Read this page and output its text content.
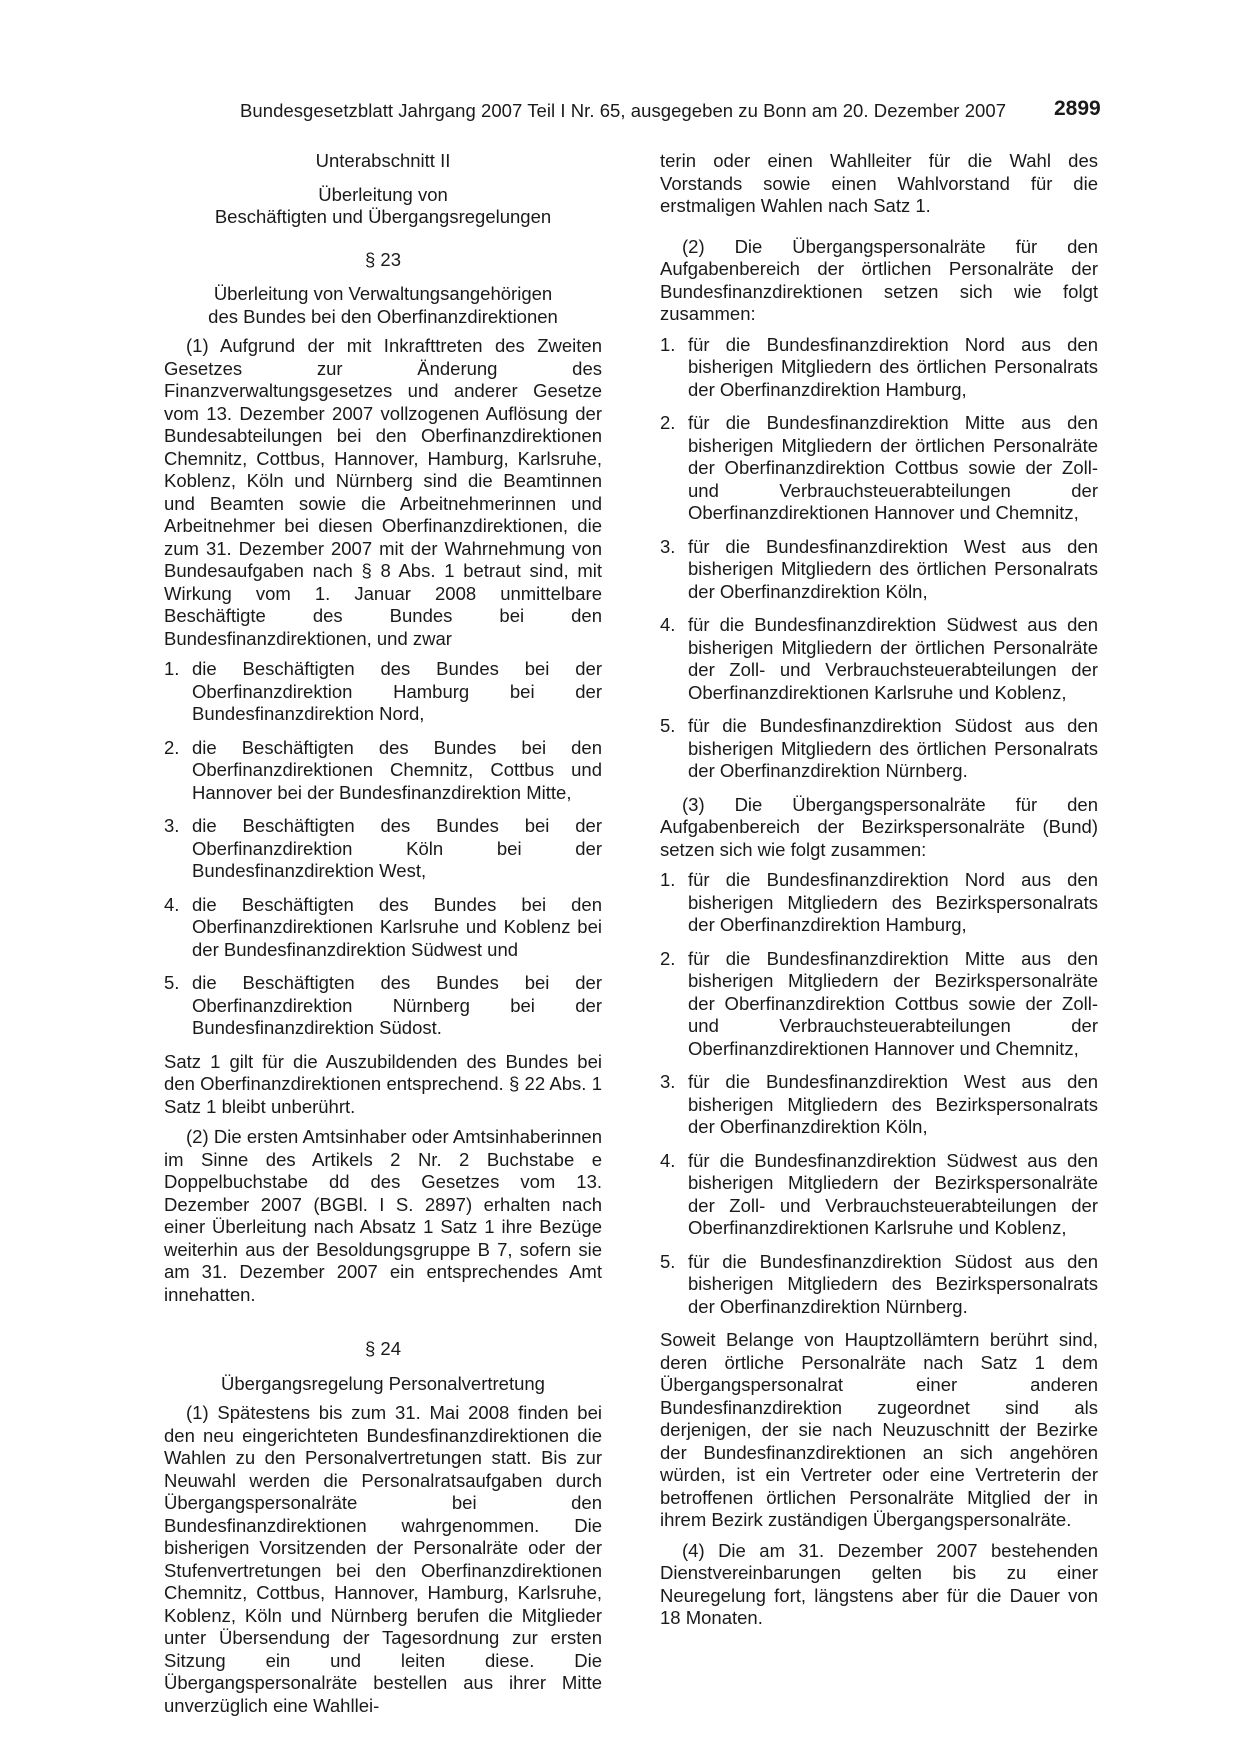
Bundesgesetzblatt Jahrgang 2007 Teil I Nr. 65, ausgegeben zu Bonn am 20. Dezember 2007 2899

Unterabschnitt II

Überleitung von

Beschäftigten und Übergangsregelungen

§ 23

Überleitung von Verwaltungsangehörigen

des Bundes bei den Oberfinanzdirektionen

(1) Aufgrund der mit Inkrafttreten des Zweiten Gesetzes zur Änderung des Finanzverwaltungsgesetzes und anderer Gesetze vom 13. Dezember 2007 vollzogenen Auflösung der Bundesabteilungen bei den Oberfinanzdirektionen Chemnitz, Cottbus, Hannover, Hamburg, Karlsruhe, Koblenz, Köln und Nürnberg sind die Beamtinnen und Beamten sowie die Arbeitnehmerinnen und Arbeitnehmer bei diesen Oberfinanzdirektionen, die zum 31. Dezember 2007 mit der Wahrnehmung von Bundesaufgaben nach § 8 Abs. 1 betraut sind, mit Wirkung vom 1. Januar 2008 unmittelbare Beschäftigte des Bundes bei den Bundesfinanzdirektionen, und zwar

1. die Beschäftigten des Bundes bei der Oberfinanzdirektion Hamburg bei der Bundesfinanzdirektion Nord,
2. die Beschäftigten des Bundes bei den Oberfinanzdirektionen Chemnitz, Cottbus und Hannover bei der Bundesfinanzdirektion Mitte,
3. die Beschäftigten des Bundes bei der Oberfinanzdirektion Köln bei der Bundesfinanzdirektion West,
4. die Beschäftigten des Bundes bei den Oberfinanzdirektionen Karlsruhe und Koblenz bei der Bundesfinanzdirektion Südwest und
5. die Beschäftigten des Bundes bei der Oberfinanzdirektion Nürnberg bei der Bundesfinanzdirektion Südost.

Satz 1 gilt für die Auszubildenden des Bundes bei den Oberfinanzdirektionen entsprechend. § 22 Abs. 1 Satz 1 bleibt unberührt.

(2) Die ersten Amtsinhaber oder Amtsinhaberinnen im Sinne des Artikels 2 Nr. 2 Buchstabe e Doppelbuchstabe dd des Gesetzes vom 13. Dezember 2007 (BGBl. I S. 2897) erhalten nach einer Überleitung nach Absatz 1 Satz 1 ihre Bezüge weiterhin aus der Besoldungsgruppe B 7, sofern sie am 31. Dezember 2007 ein entsprechendes Amt innehatten.

§ 24

Übergangsregelung Personalvertretung

(1) Spätestens bis zum 31. Mai 2008 finden bei den neu eingerichteten Bundesfinanzdirektionen die Wahlen zu den Personalvertretungen statt. Bis zur Neuwahl werden die Personalratsaufgaben durch Übergangspersonalräte bei den Bundesfinanzdirektionen wahrgenommen. Die bisherigen Vorsitzenden der Personalräte oder der Stufenvertretungen bei den Oberfinanzdirektionen Chemnitz, Cottbus, Hannover, Hamburg, Karlsruhe, Koblenz, Köln und Nürnberg berufen die Mitglieder unter Übersendung der Tagesordnung zur ersten Sitzung ein und leiten diese. Die Übergangspersonalräte bestellen aus ihrer Mitte unverzüglich eine Wahllei-

terin oder einen Wahlleiter für die Wahl des Vorstands sowie einen Wahlvorstand für die erstmaligen Wahlen nach Satz 1.

(2) Die Übergangspersonalräte für den Aufgabenbereich der örtlichen Personalräte der Bundesfinanzdirektionen setzen sich wie folgt zusammen:

1. für die Bundesfinanzdirektion Nord aus den bisherigen Mitgliedern des örtlichen Personalrats der Oberfinanzdirektion Hamburg,
2. für die Bundesfinanzdirektion Mitte aus den bisherigen Mitgliedern der örtlichen Personalräte der Oberfinanzdirektion Cottbus sowie der Zoll- und Verbrauchsteuerabteilungen der Oberfinanzdirektionen Hannover und Chemnitz,
3. für die Bundesfinanzdirektion West aus den bisherigen Mitgliedern des örtlichen Personalrats der Oberfinanzdirektion Köln,
4. für die Bundesfinanzdirektion Südwest aus den bisherigen Mitgliedern der örtlichen Personalräte der Zoll- und Verbrauchsteuerabteilungen der Oberfinanzdirektionen Karlsruhe und Koblenz,
5. für die Bundesfinanzdirektion Südost aus den bisherigen Mitgliedern des örtlichen Personalrats der Oberfinanzdirektion Nürnberg.

(3) Die Übergangspersonalräte für den Aufgabenbereich der Bezirkspersonalräte (Bund) setzen sich wie folgt zusammen:

1. für die Bundesfinanzdirektion Nord aus den bisherigen Mitgliedern des Bezirkspersonalrats der Oberfinanzdirektion Hamburg,
2. für die Bundesfinanzdirektion Mitte aus den bisherigen Mitgliedern der Bezirkspersonalräte der Oberfinanzdirektion Cottbus sowie der Zoll- und Verbrauchsteuerabteilungen der Oberfinanzdirektionen Hannover und Chemnitz,
3. für die Bundesfinanzdirektion West aus den bisherigen Mitgliedern des Bezirkspersonalrats der Oberfinanzdirektion Köln,
4. für die Bundesfinanzdirektion Südwest aus den bisherigen Mitgliedern der Bezirkspersonalräte der Zoll- und Verbrauchsteuerabteilungen der Oberfinanzdirektionen Karlsruhe und Koblenz,
5. für die Bundesfinanzdirektion Südost aus den bisherigen Mitgliedern des Bezirkspersonalrats der Oberfinanzdirektion Nürnberg.

Soweit Belange von Hauptzollämtern berührt sind, deren örtliche Personalräte nach Satz 1 dem Übergangspersonalrat einer anderen Bundesfinanzdirektion zugeordnet sind als derjenigen, der sie nach Neuzuschnitt der Bezirke der Bundesfinanzdirektionen an sich angehören würden, ist ein Vertreter oder eine Vertreterin der betroffenen örtlichen Personalräte Mitglied der in ihrem Bezirk zuständigen Übergangspersonalräte.

(4) Die am 31. Dezember 2007 bestehenden Dienstvereinbarungen gelten bis zu einer Neuregelung fort, längstens aber für die Dauer von 18 Monaten.
